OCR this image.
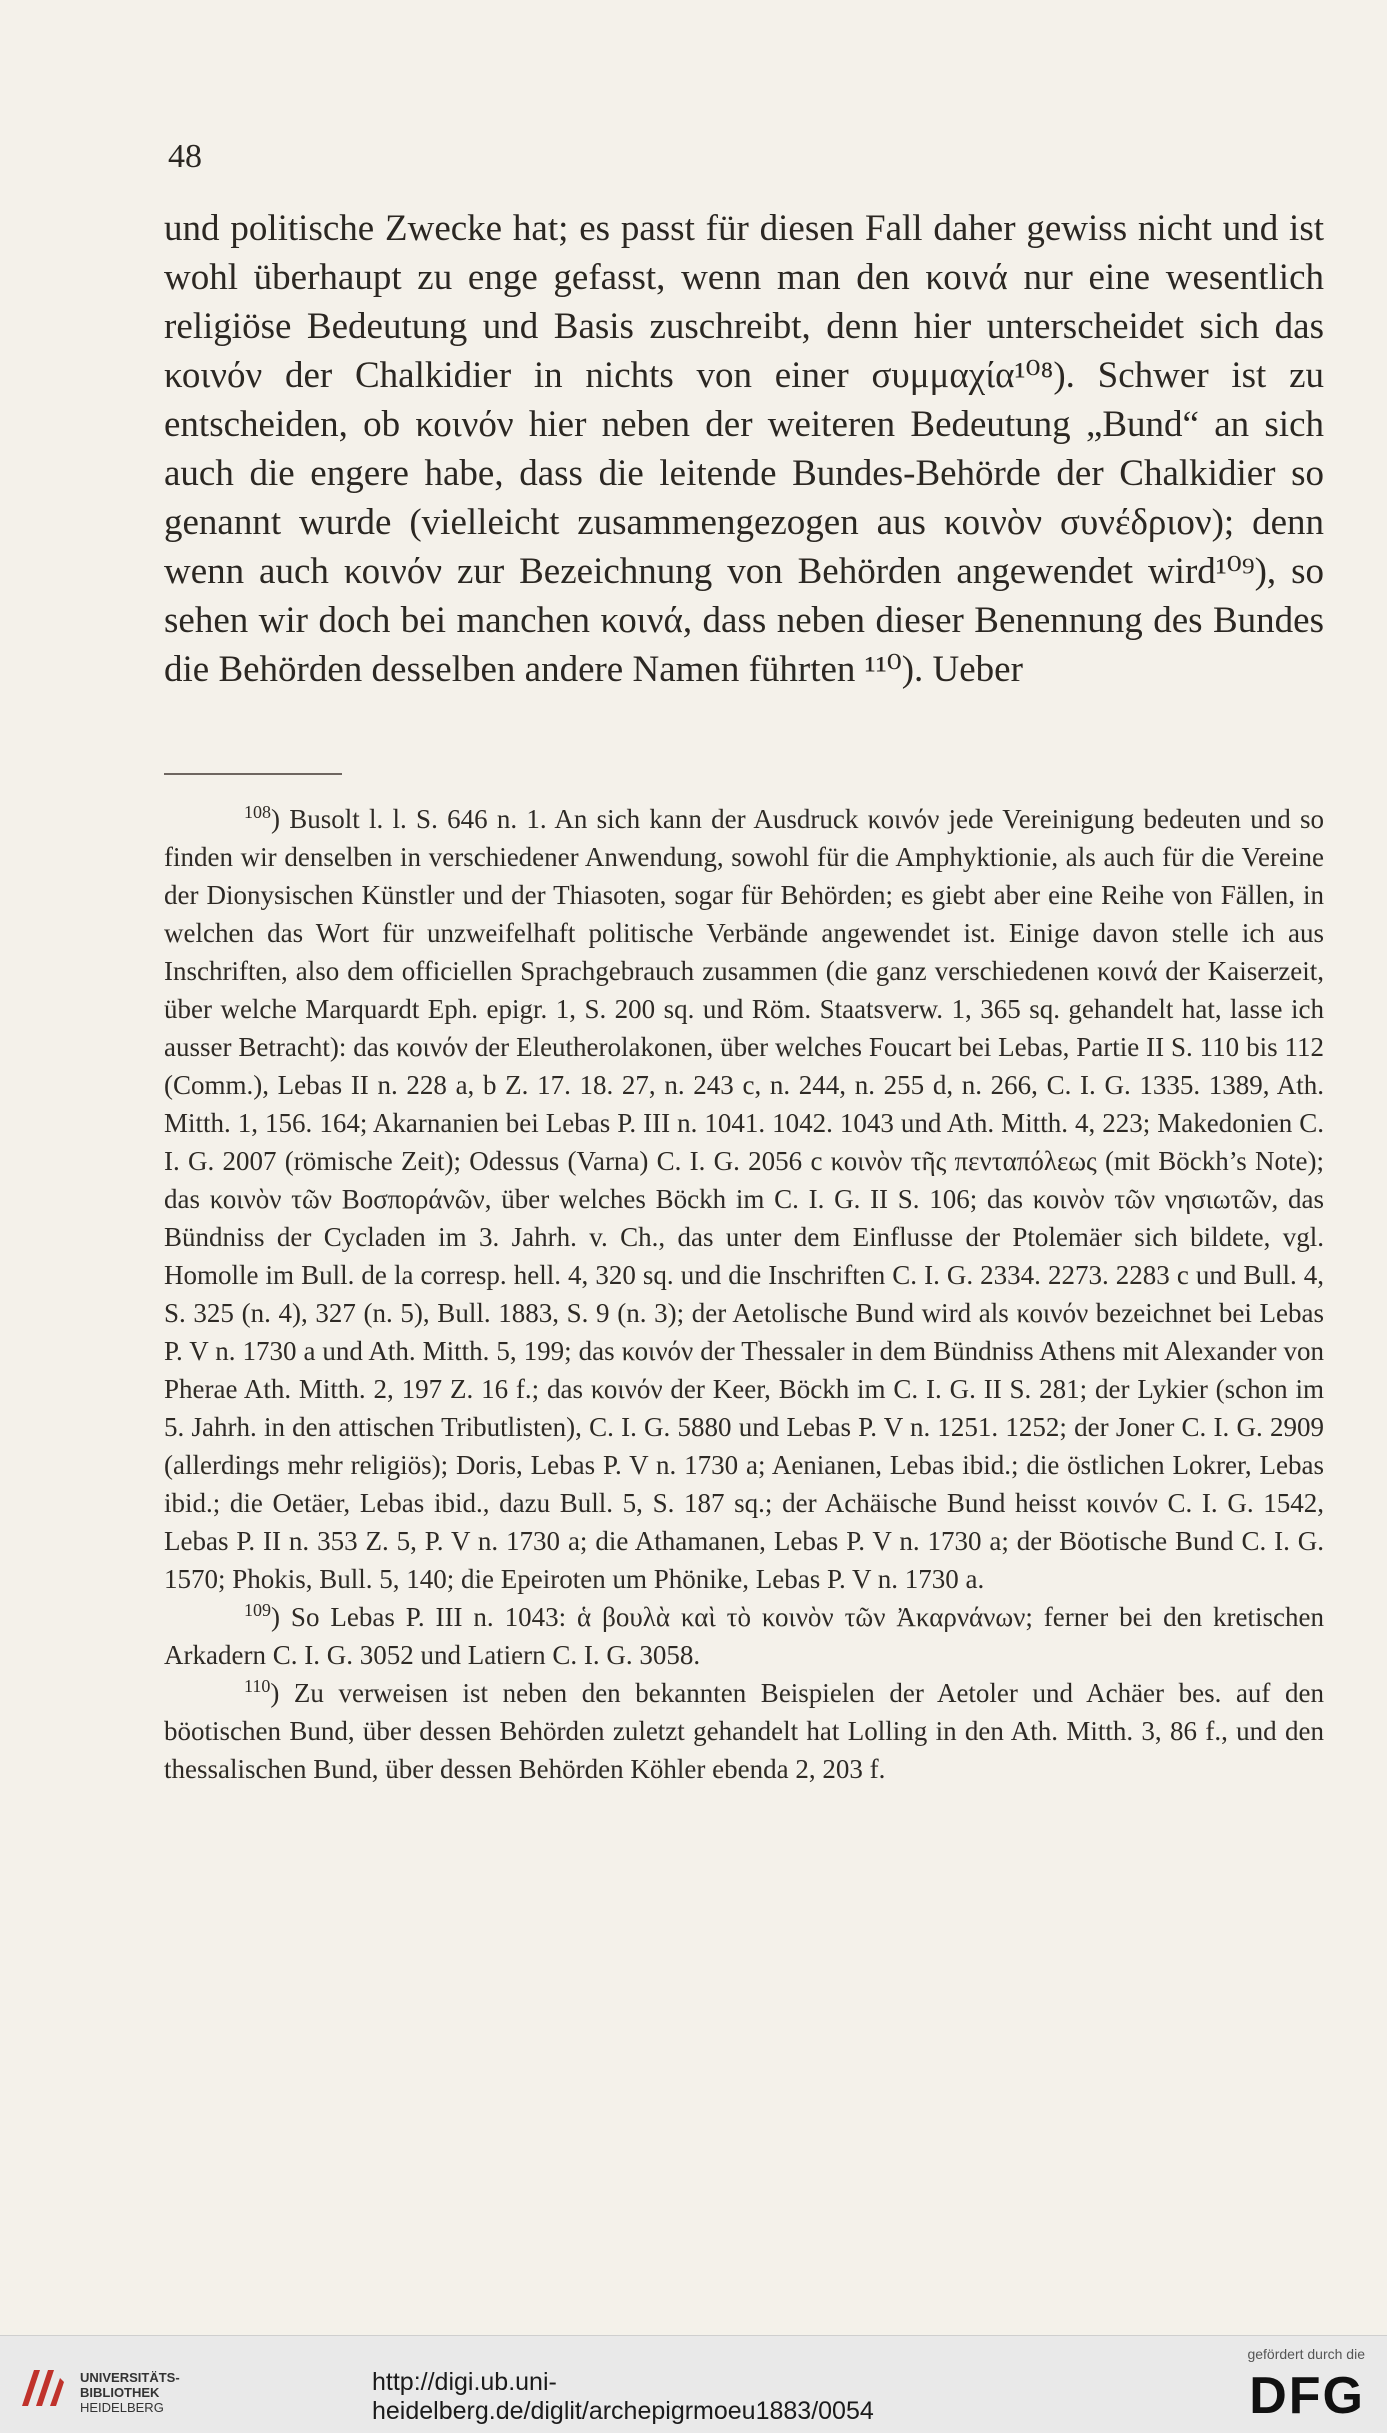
48
und politische Zwecke hat; es passt für diesen Fall daher gewiss nicht und ist wohl überhaupt zu enge gefasst, wenn man den κοινά nur eine wesentlich religiöse Bedeutung und Basis zuschreibt, denn hier unterscheidet sich das κοινόν der Chalkidier in nichts von einer συμμαχία¹⁰⁸). Schwer ist zu entscheiden, ob κοινόν hier neben der weiteren Bedeutung „Bund“ an sich auch die engere habe, dass die leitende Bundes-Behörde der Chalkidier so genannt wurde (vielleicht zusammengezogen aus κοινὸν συνέδριον); denn wenn auch κοινόν zur Bezeichnung von Behörden angewendet wird¹⁰⁹), so sehen wir doch bei manchen κοινά, dass neben dieser Benennung des Bundes die Behörden desselben andere Namen führten ¹¹⁰). Ueber

$^{108}$) Busolt l. l. S. 646 n. 1. An sich kann der Ausdruck κοινόν jede Vereinigung bedeuten und so finden wir denselben in verschiedener Anwendung, sowohl für die Amphyktionie, als auch für die Vereine der Dionysischen Künstler und der Thiasoten, sogar für Behörden; es giebt aber eine Reihe von Fällen, in welchen das Wort für unzweifelhaft politische Verbände angewendet ist. Einige davon stelle ich aus Inschriften, also dem officiellen Sprachgebrauch zusammen (die ganz verschiedenen κοινά der Kaiserzeit, über welche Marquardt Eph. epigr. 1, S. 200 sq. und Röm. Staatsverw. 1, 365 sq. gehandelt hat, lasse ich ausser Betracht): das κοινόν der Eleutherolakonen, über welches Foucart bei Lebas, Partie II S. 110 bis 112 (Comm.), Lebas II n. 228 a, b Z. 17. 18. 27, n. 243 c, n. 244, n. 255 d, n. 266, C. I. G. 1335. 1389, Ath. Mitth. 1, 156. 164; Akarnanien bei Lebas P. III n. 1041. 1042. 1043 und Ath. Mitth. 4, 223; Makedonien C. I. G. 2007 (römische Zeit); Odessus (Varna) C. I. G. 2056 c κοινὸν τῆς πενταπόλεως (mit Böckh’s Note); das κοινὸν τῶν Βοσποράνῶν, über welches Böckh im C. I. G. II S. 106; das κοινὸν τῶν νησιωτῶν, das Bündniss der Cycladen im 3. Jahrh. v. Ch., das unter dem Einflusse der Ptolemäer sich bildete, vgl. Homolle im Bull. de la corresp. hell. 4, 320 sq. und die Inschriften C. I. G. 2334. 2273. 2283 c und Bull. 4, S. 325 (n. 4), 327 (n. 5), Bull. 1883, S. 9 (n. 3); der Aetolische Bund wird als κοινόν bezeichnet bei Lebas P. V n. 1730 a und Ath. Mitth. 5, 199; das κοινόν der Thessaler in dem Bündniss Athens mit Alexander von Pherae Ath. Mitth. 2, 197 Z. 16 f.; das κοινόν der Keer, Böckh im C. I. G. II S. 281; der Lykier (schon im 5. Jahrh. in den attischen Tributlisten), C. I. G. 5880 und Lebas P. V n. 1251. 1252; der Joner C. I. G. 2909 (allerdings mehr religiös); Doris, Lebas P. V n. 1730 a; Aenianen, Lebas ibid.; die östlichen Lokrer, Lebas ibid.; die Oetäer, Lebas ibid., dazu Bull. 5, S. 187 sq.; der Achäische Bund heisst κοινόν C. I. G. 1542, Lebas P. II n. 353 Z. 5, P. V n. 1730 a; die Athamanen, Lebas P. V n. 1730 a; der Böotische Bund C. I. G. 1570; Phokis, Bull. 5, 140; die Epeiroten um Phönike, Lebas P. V n. 1730 a.

$^{109}$) So Lebas P. III n. 1043: ἁ βουλὰ καὶ τὸ κοινὸν τῶν Ἀκαρνάνων; ferner bei den kretischen Arkadern C. I. G. 3052 und Latiern C. I. G. 3058.

$^{110}$) Zu verweisen ist neben den bekannten Beispielen der Aetoler und Achäer bes. auf den böotischen Bund, über dessen Behörden zuletzt gehandelt hat Lolling in den Ath. Mitth. 3, 86 f., und den thessalischen Bund, über dessen Behörden Köhler ebenda 2, 203 f.

UNIVERSITÄTS-
BIBLIOTHEK
HEIDELBERG
http://digi.ub.uni-heidelberg.de/diglit/archepigrmoeu1883/0054
gefördert durch die
DFG
